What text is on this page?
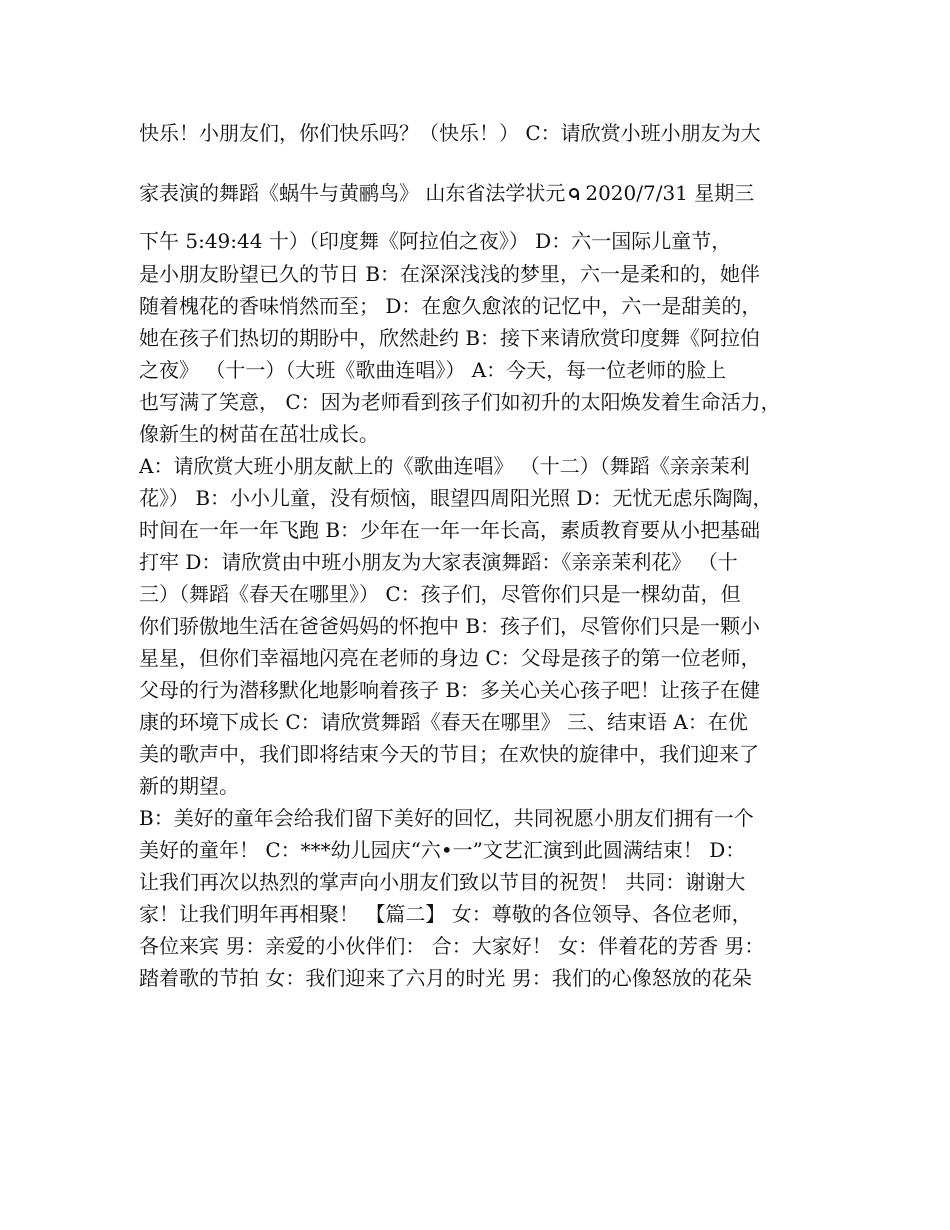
快乐！小朋友们，你们快乐吗？（快乐！） C：请欣赏小班小朋友为大
家表演的舞蹈《蜗牛与黄鹂鸟》 山东省法学状元 2020/7/31 星期三
下午 5:49:44 十）（印度舞《阿拉伯之夜》） D：六一国际儿童节，
是小朋友盼望已久的节日 B：在深深浅浅的梦里，六一是柔和的，她伴
随着槐花的香味悄然而至； D：在愈久愈浓的记忆中，六一是甜美的，
她在孩子们热切的期盼中，欣然赴约 B：接下来请欣赏印度舞《阿拉伯
之夜》 （十一）（大班《歌曲连唱》） A：今天，每一位老师的脸上
也写满了笑意， C：因为老师看到孩子们如初升的太阳焕发着生命活力，
像新生的树苗在茁壮成长。
A：请欣赏大班小朋友献上的《歌曲连唱》 （十二）（舞蹈《亲亲茉利
花》） B：小小儿童，没有烦恼，眼望四周阳光照 D：无忧无虑乐陶陶，
时间在一年一年飞跑 B：少年在一年一年长高，素质教育要从小把基础
打牢 D：请欣赏由中班小朋友为大家表演舞蹈：《亲亲茉利花》 （十
三）（舞蹈《春天在哪里》） C：孩子们，尽管你们只是一棵幼苗，但
你们骄傲地生活在爸爸妈妈的怀抱中 B：孩子们，尽管你们只是一颗小
星星，但你们幸福地闪亮在老师的身边 C：父母是孩子的第一位老师，
父母的行为潜移默化地影响着孩子 B：多关心关心孩子吧！让孩子在健
康的环境下成长 C：请欣赏舞蹈《春天在哪里》 三、结束语 A：在优
美的歌声中，我们即将结束今天的节目；在欢快的旋律中，我们迎来了
新的期望。
B：美好的童年会给我们留下美好的回忆，共同祝愿小朋友们拥有一个
美好的童年！ C：***幼儿园庆“六•一”文艺汇演到此圆满结束！ D：
让我们再次以热烈的掌声向小朋友们致以节目的祝贺！ 共同：谢谢大
家！让我们明年再相聚！ 【篇二】 女：尊敬的各位领导、各位老师，
各位来宾 男：亲爱的小伙伴们： 合：大家好！ 女：伴着花的芳香 男：
踏着歌的节拍 女：我们迎来了六月的时光 男：我们的心像怒放的花朵
